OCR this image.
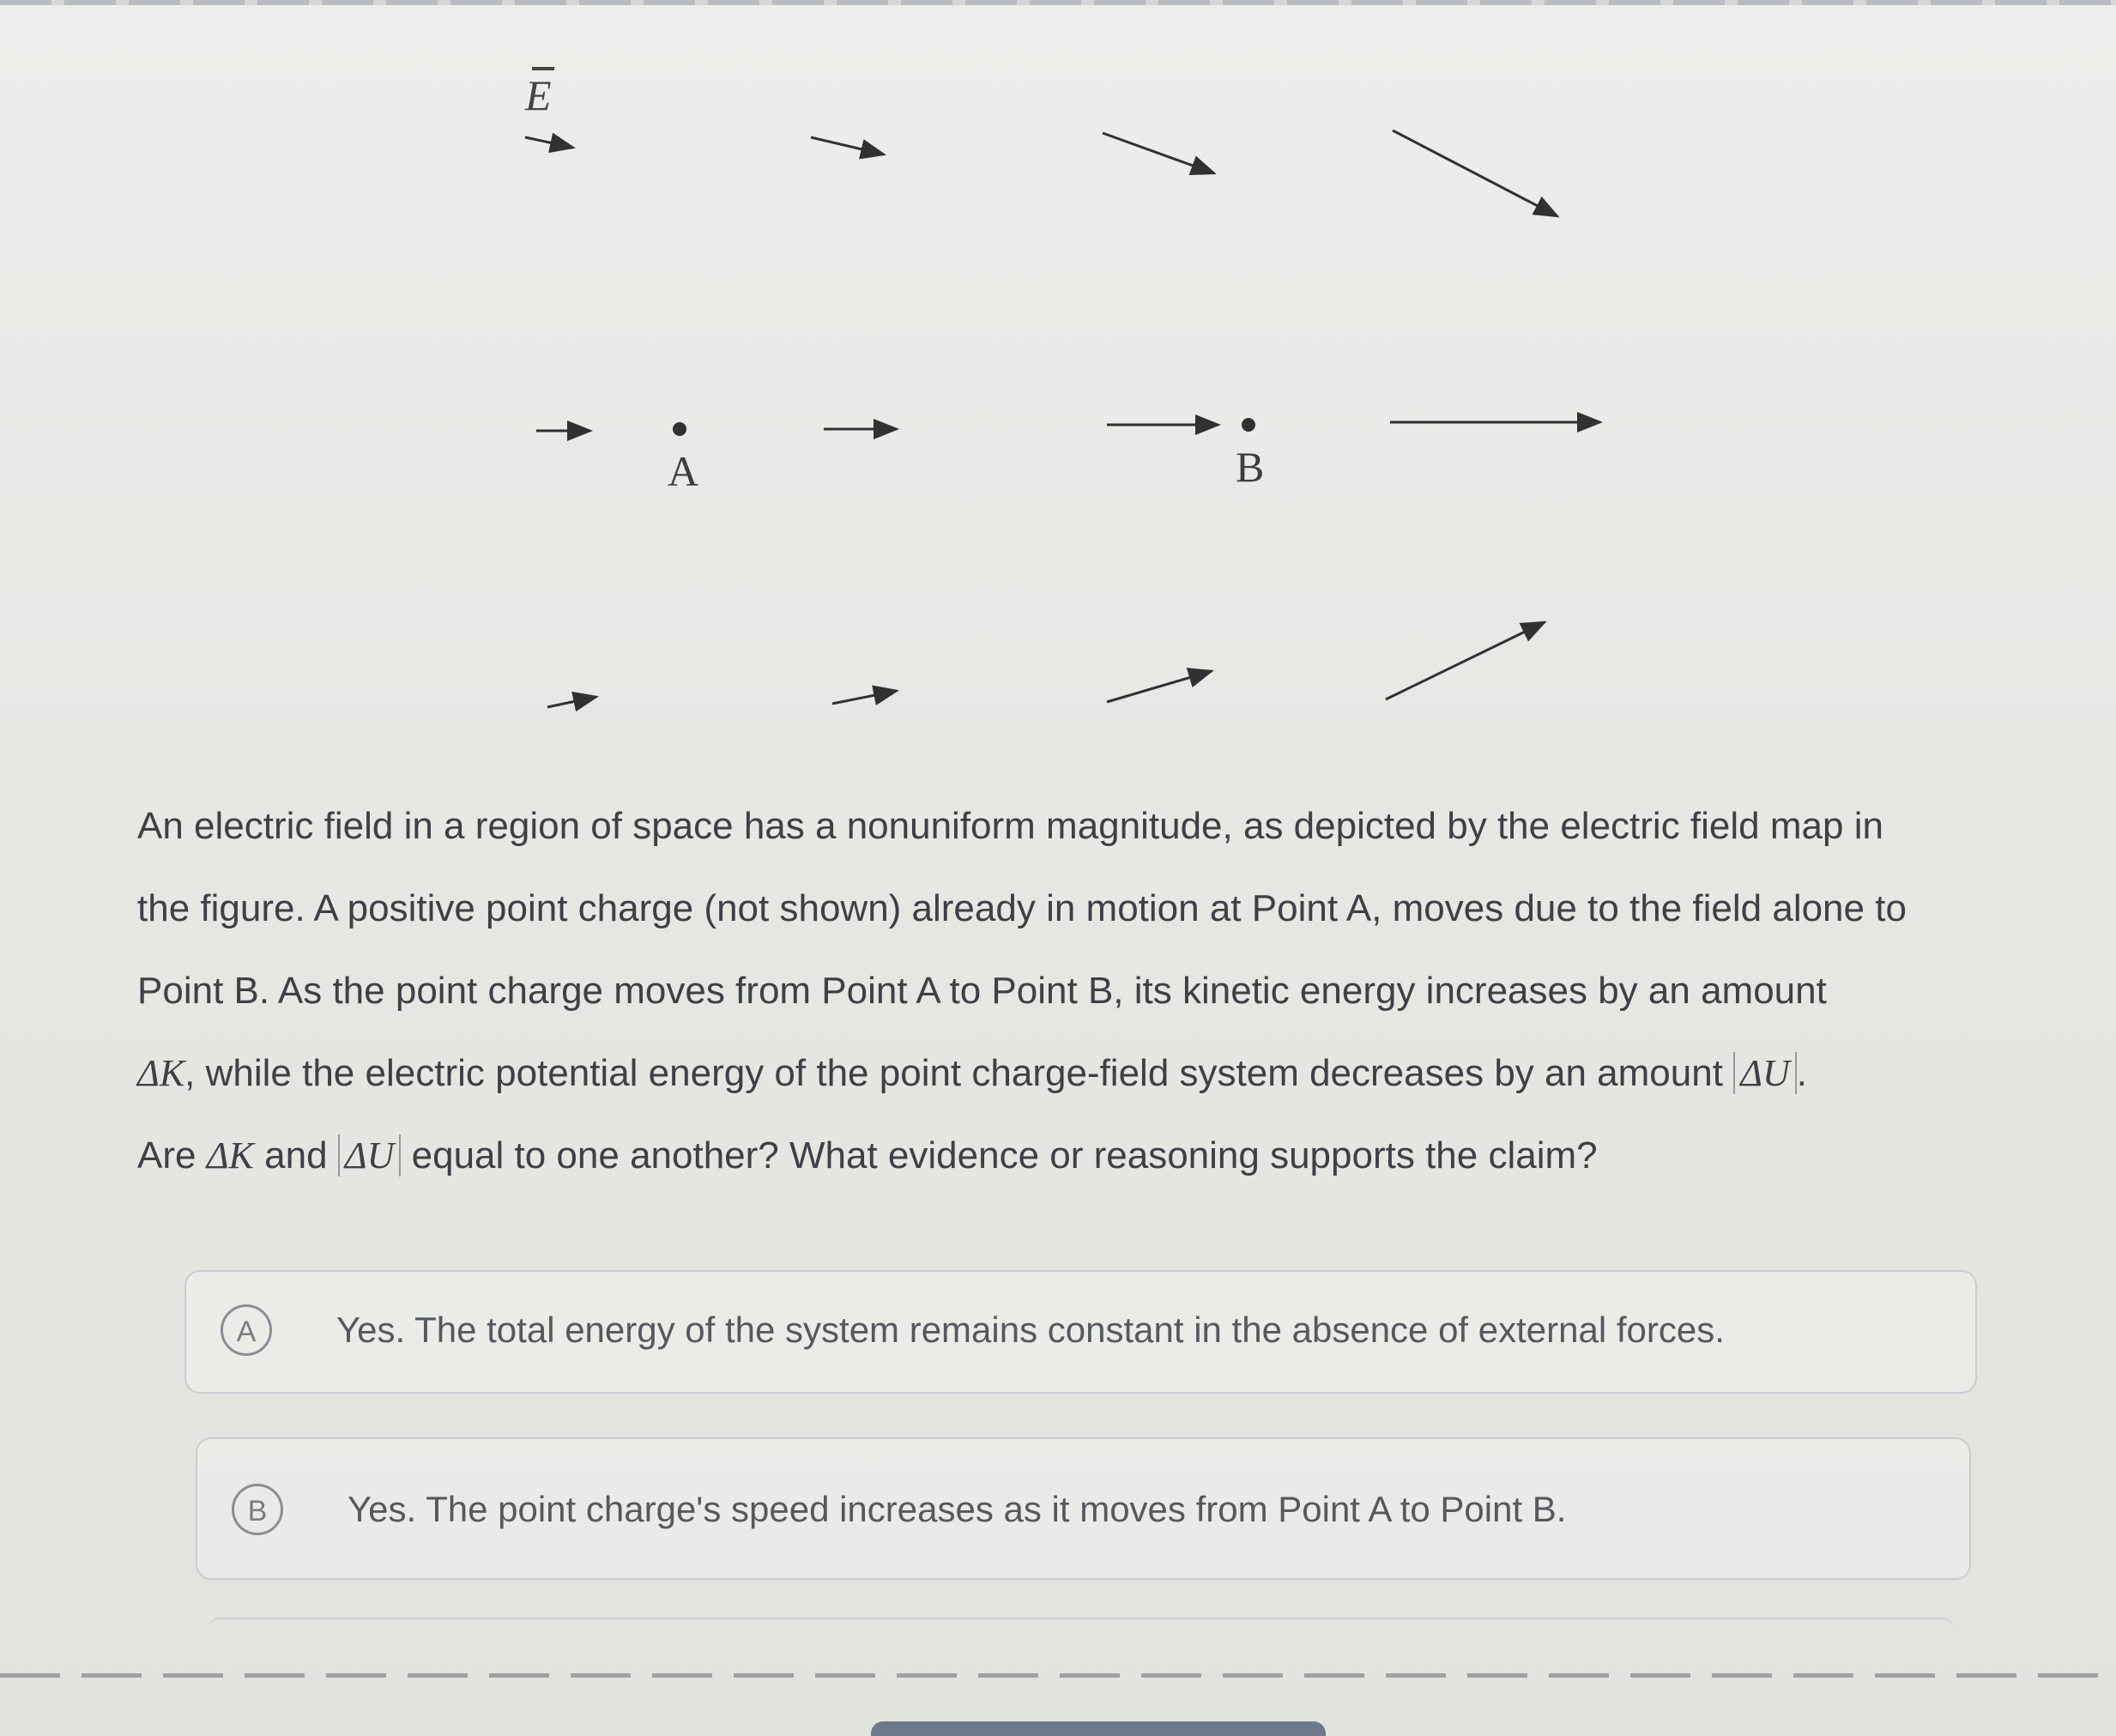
E
A	B

An electric field in a region of space has a nonuniform magnitude, as depicted by the electric field map in

the figure. A positive point charge (not shown) already in motion at Point A, moves due to the field alone to

Point B. As the point charge moves from Point A to Point B, its kinetic energy increases by an amount

ΔK, while the electric potential energy of the point charge-field system decreases by an amount ΔU .

Are ΔK and ΔU equal to one another? What evidence or reasoning supports the claim?

A	Yes. The total energy of the system remains constant in the absence of external forces.
B	Yes. The point charge's speed increases as it moves from Point A to Point B.
